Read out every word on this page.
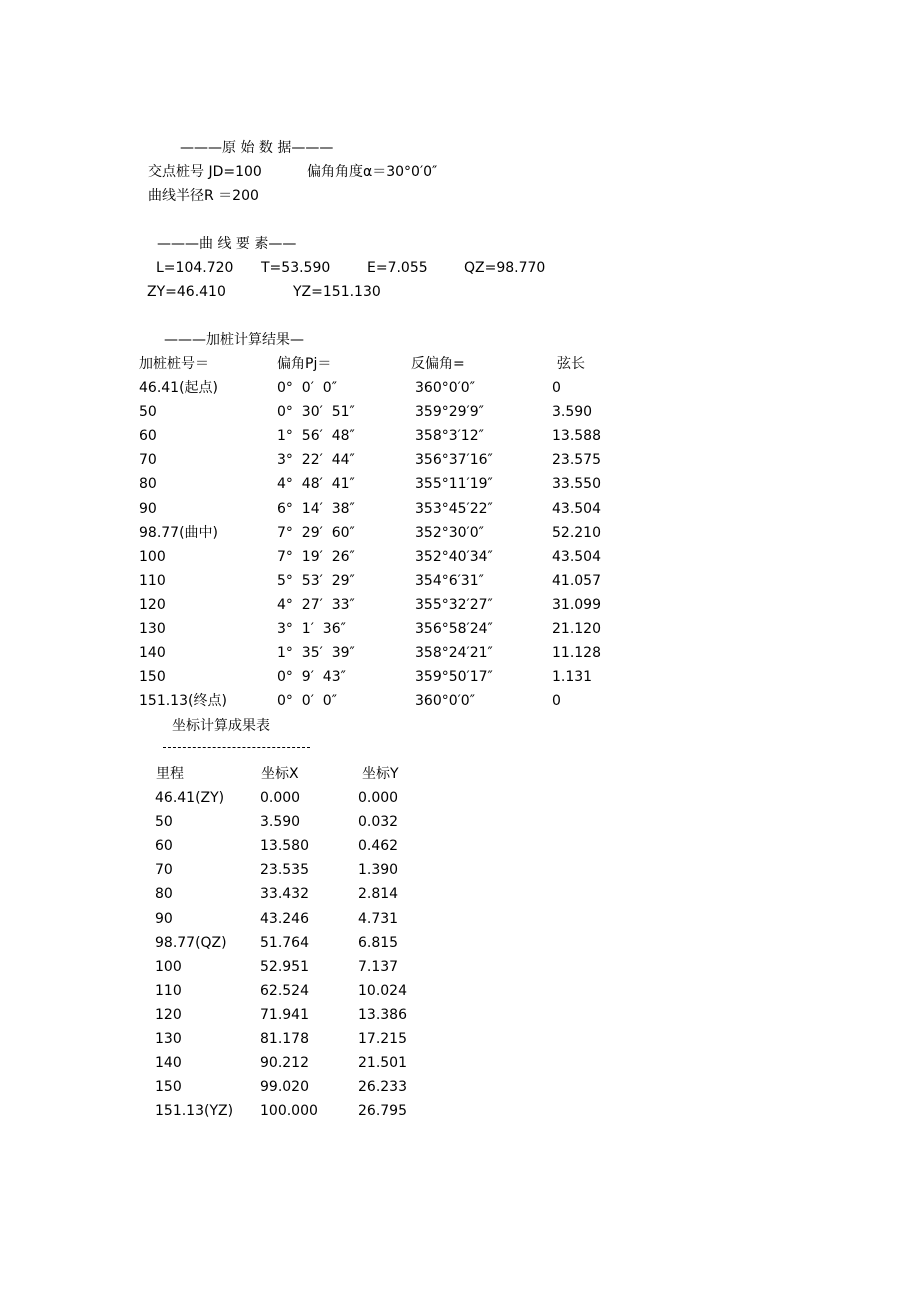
———原 始 数 据———
交点桩号 JD=100	偏角角度α＝30°0′0″
曲线半径R ＝200
———曲 线 要 素——
L=104.720 T=53.590	E=7.055	QZ=98.770
ZY=46.410	YZ=151.130
———加桩计算结果—
加桩桩号＝	偏角Pj＝	反偏角=	弦长
46.41(起点)	0°  0′  0″	360°0′0″	0
50	0°  30′  51″	359°29′9″	3.590
60	1°  56′  48″	358°3′12″	13.588
70	3°  22′  44″	356°37′16″	23.575
80	4°  48′  41″	355°11′19″	33.550
90	6°  14′  38″	353°45′22″	43.504
98.77(曲中)	7°  29′  60″	352°30′0″	52.210
100	7°  19′  26″	352°40′34″	43.504
110	5°  53′  29″	354°6′31″	41.057
120	4°  27′  33″	355°32′27″	31.099
130	3°  1′  36″	356°58′24″	21.120
140	1°  35′  39″	358°24′21″	11.128
150	0°  9′  43″	359°50′17″	1.131
151.13(终点)	0°  0′  0″	360°0′0″	0
坐标计算成果表
里程	坐标X	坐标Y
46.41(ZY)	0.000	0.000
50	3.590	0.032
60	13.580	0.462
70	23.535	1.390
80	33.432	2.814
90	43.246	4.731
98.77(QZ) 51.764	6.815
100	52.951	7.137
110	62.524	10.024
120	71.941	13.386
130	81.178	17.215
140	90.212	21.501
150	99.020	26.233
151.13(YZ) 100.000	26.795
